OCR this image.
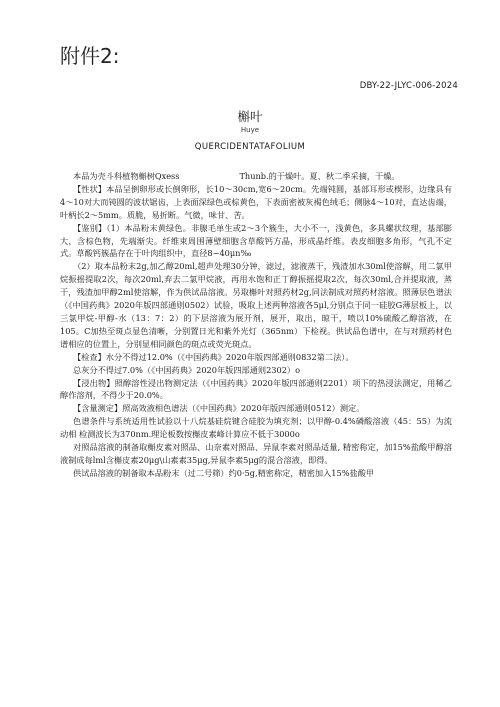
附件2:
DBY-22-JLYC-006-2024
槲叶
Huye
QUERCIDENTATAFOLIUM

本品为壳斗科植物槲树Qxess	Thunb.的干燥叶。夏、秋二季采摘，干燥。

【性状】本品呈倒卵形或长倒卵形，长10～30cm,宽6～20cm。先端钝圆，基部耳形或楔形，边缘具有4～10对大而钝圆的波状锯齿，上表面深绿色或棕黄色，下表面密被灰褐色绒毛；侧脉4～10对，直达齿端，叶柄长2～5mm。质脆，易折断。气微，味甘、苦。

【鉴别】（1）本品粉末黄绿色。非腺毛单生或2～3个簇生，大小不一，浅黄色，多具螺状纹理，基部膨大，含棕色物，先端渐尖。纤维束周围薄壁细胞含草酸钙方晶，形成晶纤维。表皮细胞多角形，气孔不定式。草酸钙簇晶存在于叶肉组织中，直径8~40μn‰

（2）取本品粉末2g,加乙醇20ml,超声处理30分钟，滤过，滤液蒸干，残渣加水30ml使溶解，用二氯甲烷振摇提取2次，每次20ml,弃去二氯甲烷液，再用水饱和正丁醇振摇提取2次，每次30ml,合并提取液，蒸干，残渣加甲醇2ml使溶解，作为供试品溶液。另取槲叶对照药材2g,同法制成对照药材溶液。照薄层色谱法（《中国药典》2020年版四部通则0502）试验，吸取上述两种溶液各5μl,分别点于同一硅胶G薄层板上，以三氯甲烷-甲醇-水（13：7：2）的下层溶液为展开剂，展开，取出，晾干，喷以10%硫酸乙醇溶液，在105。C加热至斑点显色清晰，分别置日光和紫外光灯（365nm）下检视。供试品色谱中，在与对照药材色谱相应的位置上，分别显相同颜色的斑点或荧光斑点。

【检查】水分不得过12.0%（《中国药典》2020年版四部通则0832第二法）。

总灰分不得过7.0%（《中国药典》2020年版四部通则2302）o

【浸出物】照醇溶性浸出物测定法（《中国药典》2020年版四部通则2201）项下的热浸法测定，用稀乙醇作溶剂，不得少于20.0%。

【含量测定】照高效液相色谱法（《中国药典》2020年版四部通则0512）测定。

色谱条件与系统适用性试验以十八烷基硅烷键合硅胶为填充剂；以甲醇-0.4%磷酸溶液（45：55）为流动相 检测波长为370nm.理论板数按槲皮素峰计算应不低于3000o

对照品溶液的制备取槲皮素对照品、山奈素对照品、异鼠李素对照品适量, 精密称定，加15%盐酸甲醇溶液制成每lml含槲皮素20μg\山素素35μg,异鼠李素5μg的混合溶液，即得。

供试品溶液的制备取本品粉末（过二号筛）约0·5g,精密称定，精密加入15%盐酸甲
